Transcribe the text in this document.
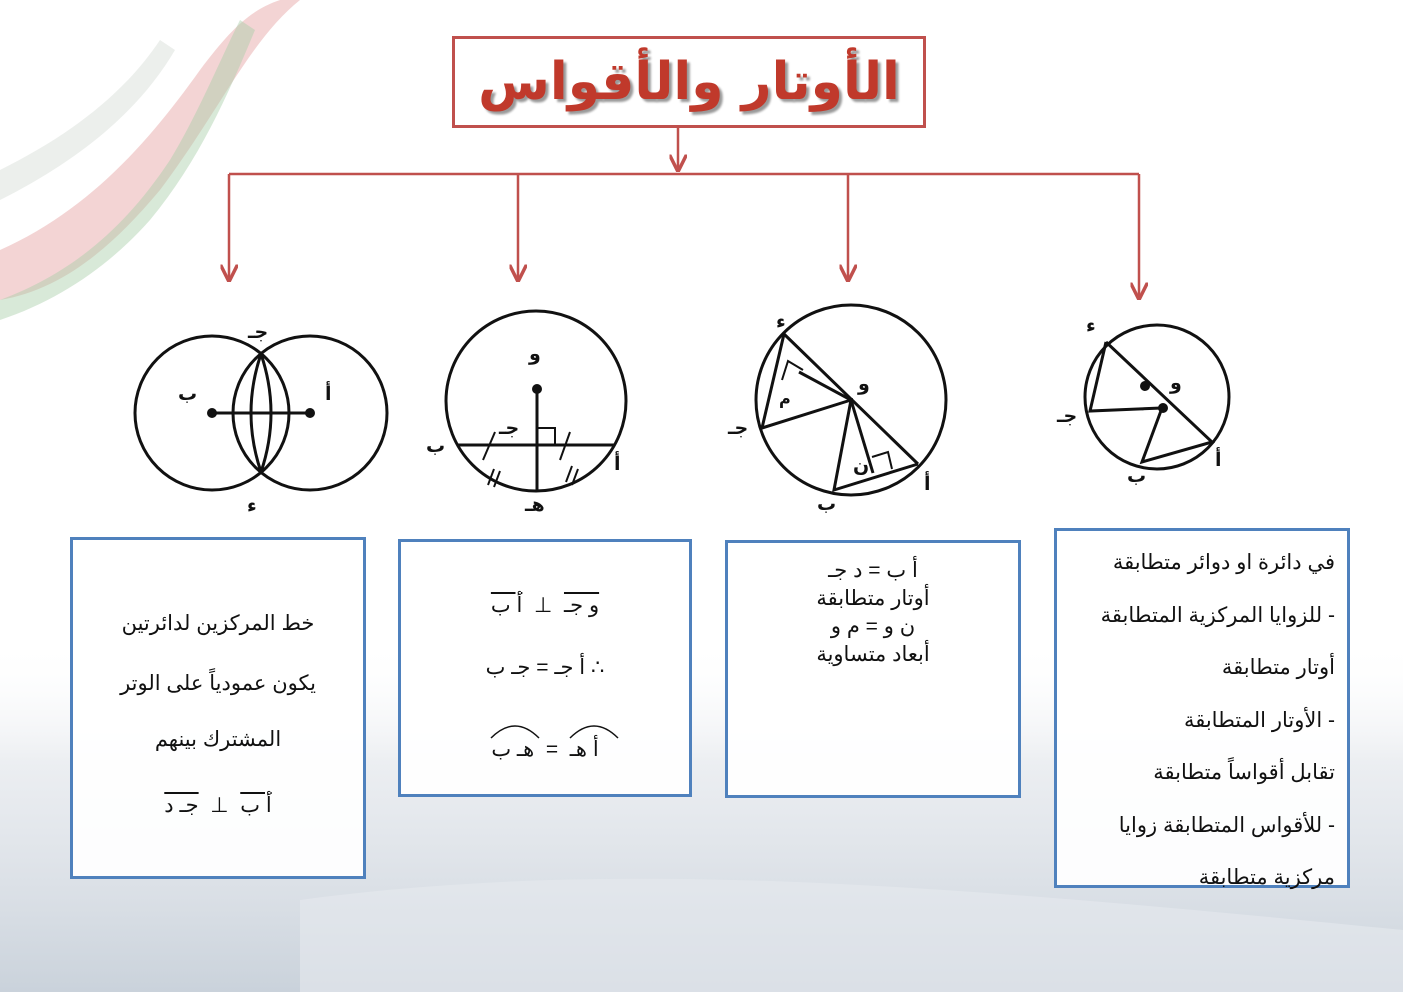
ء
و
جـ
ب
أ
ء
و
م
جـ
ن
ب
أ
و
جـ
ب
أ
هـ
جـ
ب	أ
ء
الأوتار والأقواس
في دائرة او دوائر متطابقة
- للزوايا المركزية المتطابقة
أوتار متطابقة
- الأوتار المتطابقة
تقابل أقواساً متطابقة
- للأقواس المتطابقة زوايا
مركزية متطابقة
أ ب = د جـ
أوتار متطابقة
ن و = م و
أبعاد متساوية
و جـ  ⊥  أ ب
∴ أ جـ = جـ ب
أ هـ  =
هـ ب
خط المركزين لدائرتين
يكون عمودياً على الوتر
المشترك بينهم
أ ب  ⊥  جـ د
